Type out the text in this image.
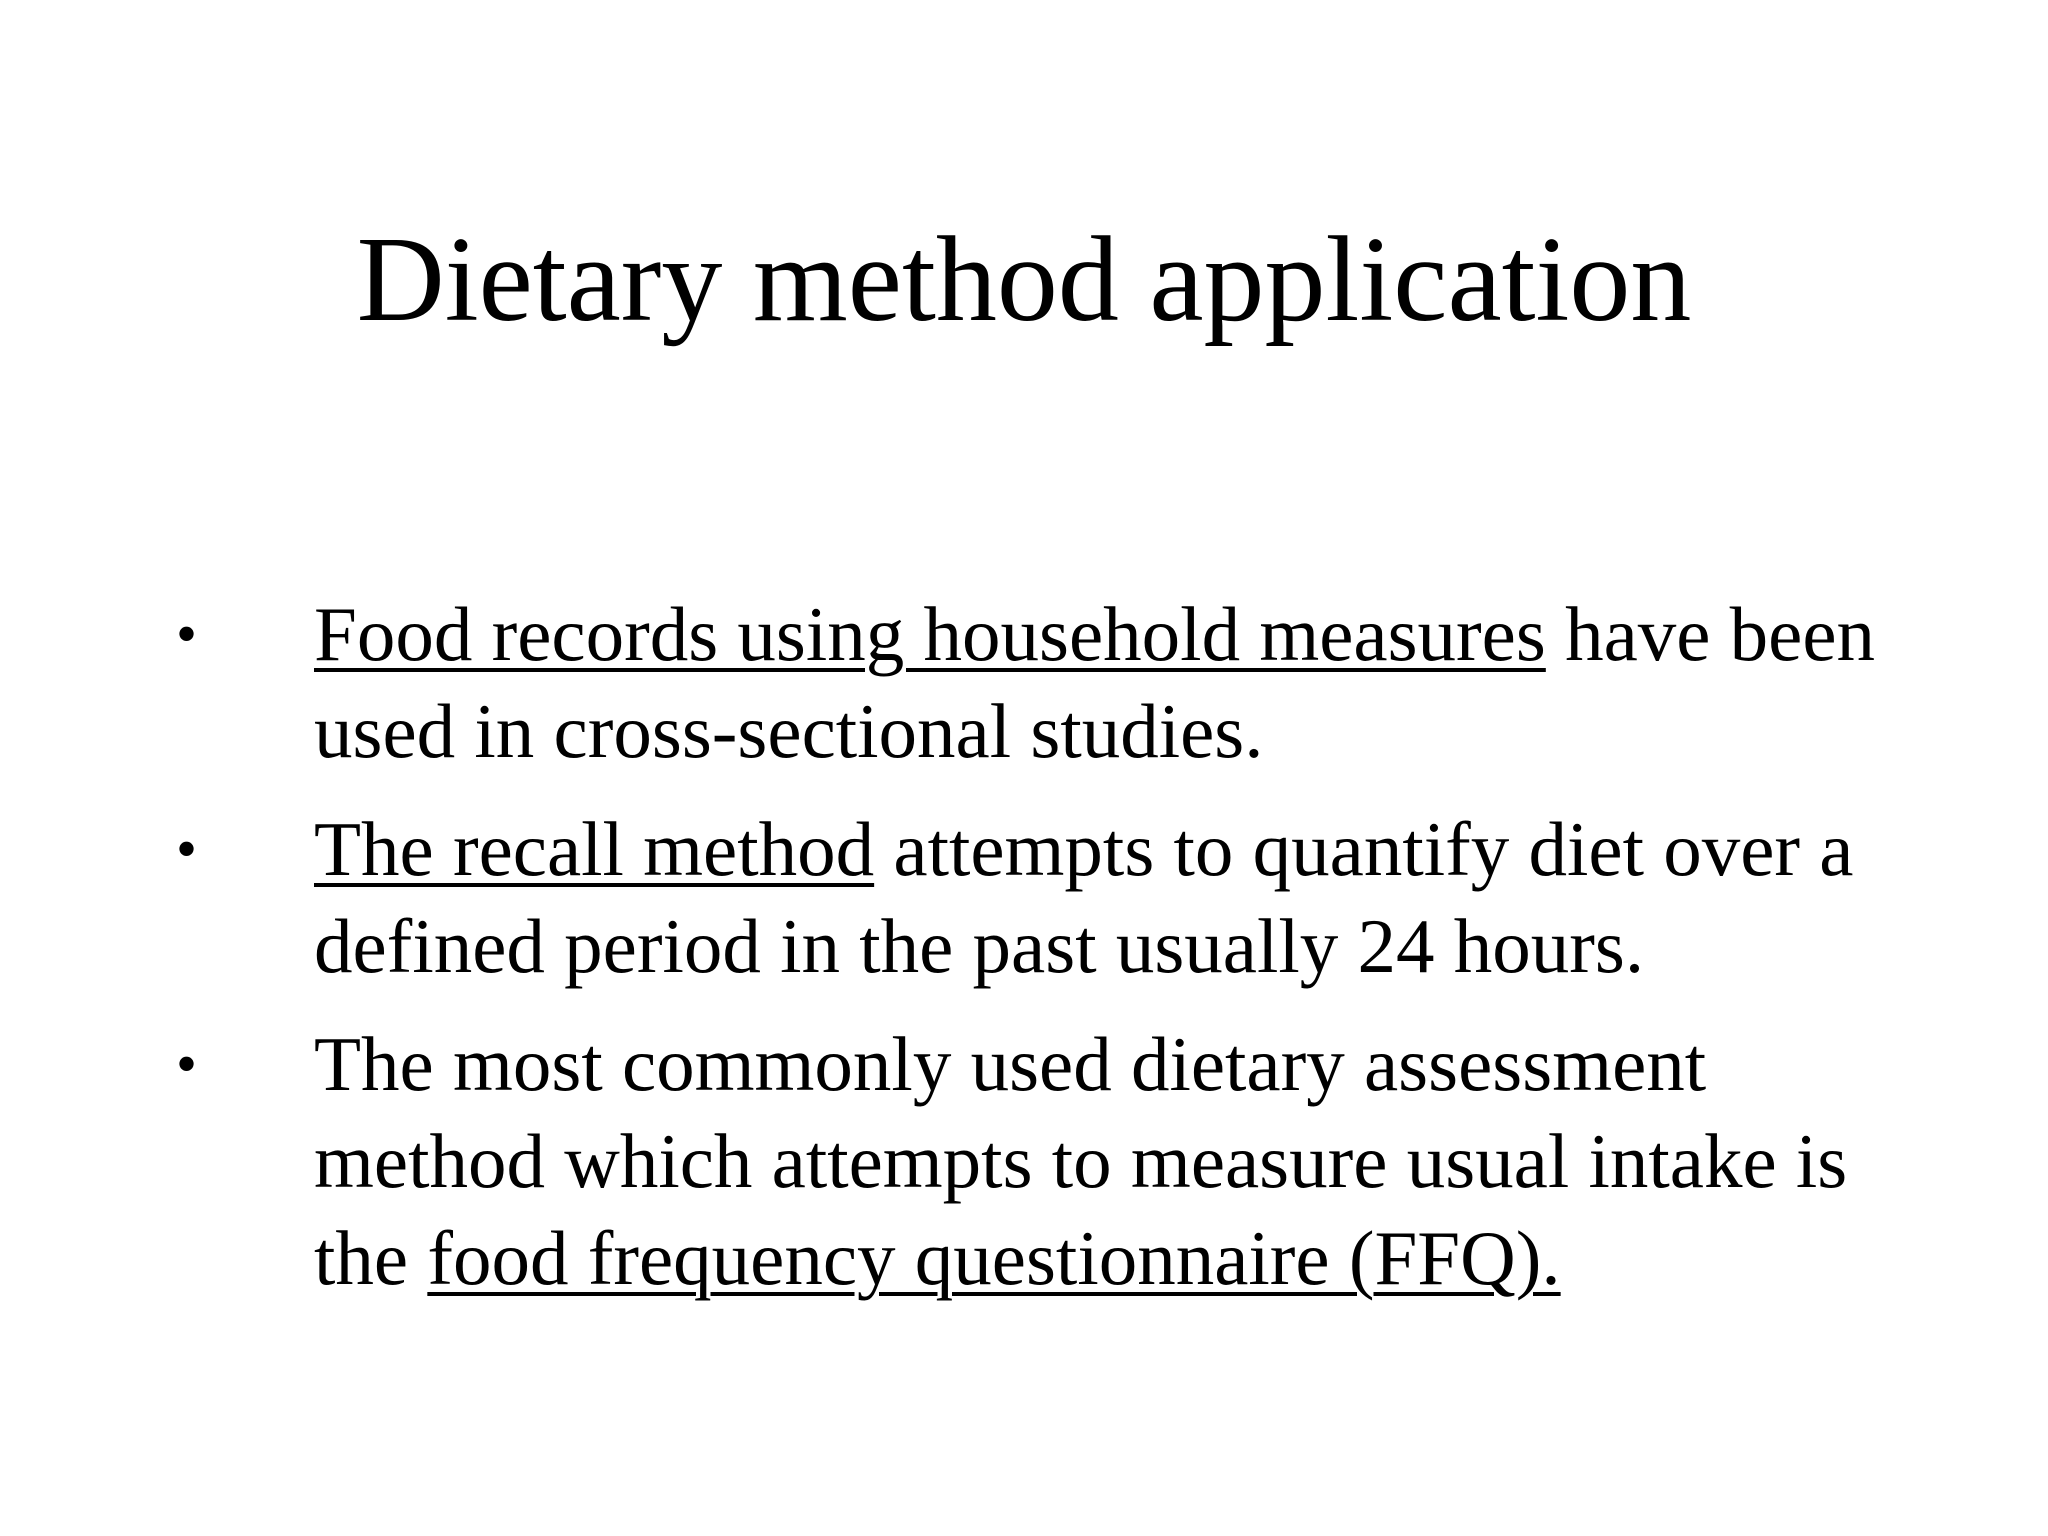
Dietary method application
• Food records using household measures have been used in cross-sectional studies.
• The recall method attempts to quantify diet over a defined period in the past usually 24 hours.
• The most commonly used dietary assessment method which attempts to measure usual intake is the food frequency questionnaire (FFQ).
